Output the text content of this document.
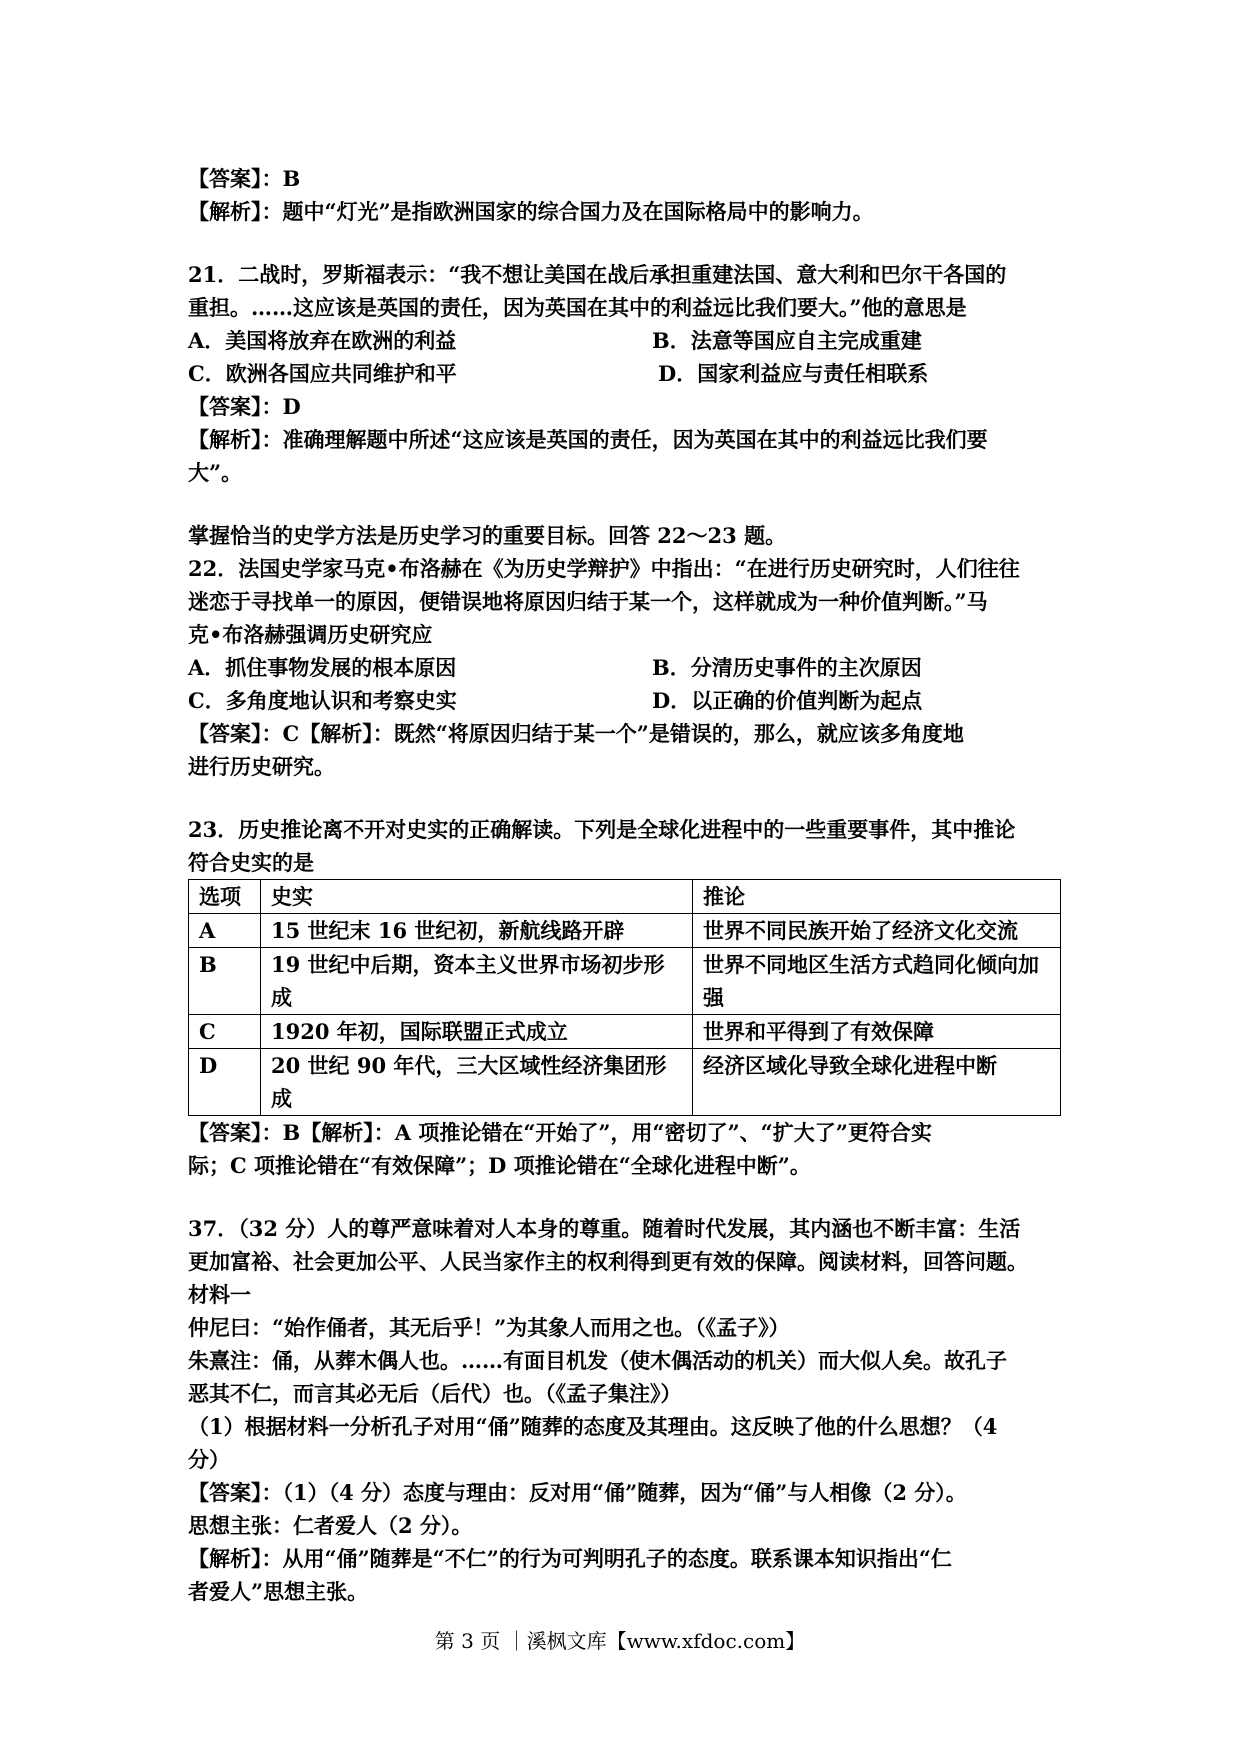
【答案】：B
【解析】：题中“灯光”是指欧洲国家的综合国力及在国际格局中的影响力。
21．二战时，罗斯福表示：“我不想让美国在战后承担重建法国、意大利和巴尔干各国的
重担。……这应该是英国的责任，因为英国在其中的利益远比我们要大。”他的意思是
A．美国将放弃在欧洲的利益	B．法意等国应自主完成重建
C．欧洲各国应共同维护和平	D．国家利益应与责任相联系
【答案】：D
【解析】：准确理解题中所述“这应该是英国的责任，因为英国在其中的利益远比我们要
大”。
掌握恰当的史学方法是历史学习的重要目标。回答 22～23 题。
22．法国史学家马克•布洛赫在《为历史学辩护》中指出：“在进行历史研究时，人们往往
迷恋于寻找单一的原因，便错误地将原因归结于某一个，这样就成为一种价值判断。”马
克•布洛赫强调历史研究应
A．抓住事物发展的根本原因	B．分清历史事件的主次原因
C．多角度地认识和考察史实	D．以正确的价值判断为起点
【答案】：C【解析】：既然“将原因归结于某一个”是错误的，那么，就应该多角度地
进行历史研究。
23．历史推论离不开对史实的正确解读。下列是全球化进程中的一些重要事件，其中推论
符合史实的是
选项	史实	推论
A	15 世纪末 16 世纪初，新航线路开辟	世界不同民族开始了经济文化交流
B	19 世纪中后期，资本主义世界市场初步形成	世界不同地区生活方式趋同化倾向加强
C	1920 年初，国际联盟正式成立	世界和平得到了有效保障
D	20 世纪 90 年代，三大区域性经济集团形成	经济区域化导致全球化进程中断
【答案】：B【解析】：A 项推论错在“开始了”，用“密切了”、“扩大了”更符合实
际；C 项推论错在“有效保障”；D 项推论错在“全球化进程中断”。
37．（32 分）人的尊严意味着对人本身的尊重。随着时代发展，其内涵也不断丰富：生活
更加富裕、社会更加公平、人民当家作主的权利得到更有效的保障。阅读材料，回答问题。
材料一
仲尼曰：“始作俑者，其无后乎！”为其象人而用之也。（《孟子》）
朱熹注：俑，从葬木偶人也。……有面目机发（使木偶活动的机关）而大似人矣。故孔子
恶其不仁，而言其必无后（后代）也。（《孟子集注》）
（1）根据材料一分析孔子对用“俑”随葬的态度及其理由。这反映了他的什么思想？（4
分）
【答案】：（1）（4 分）态度与理由：反对用“俑”随葬，因为“俑”与人相像（2 分）。
思想主张：仁者爱人（2 分）。
【解析】：从用“俑”随葬是“不仁”的行为可判明孔子的态度。联系课本知识指出“仁
者爱人”思想主张。
第 3 页 ｜溪枫文库【www.xfdoc.com】
